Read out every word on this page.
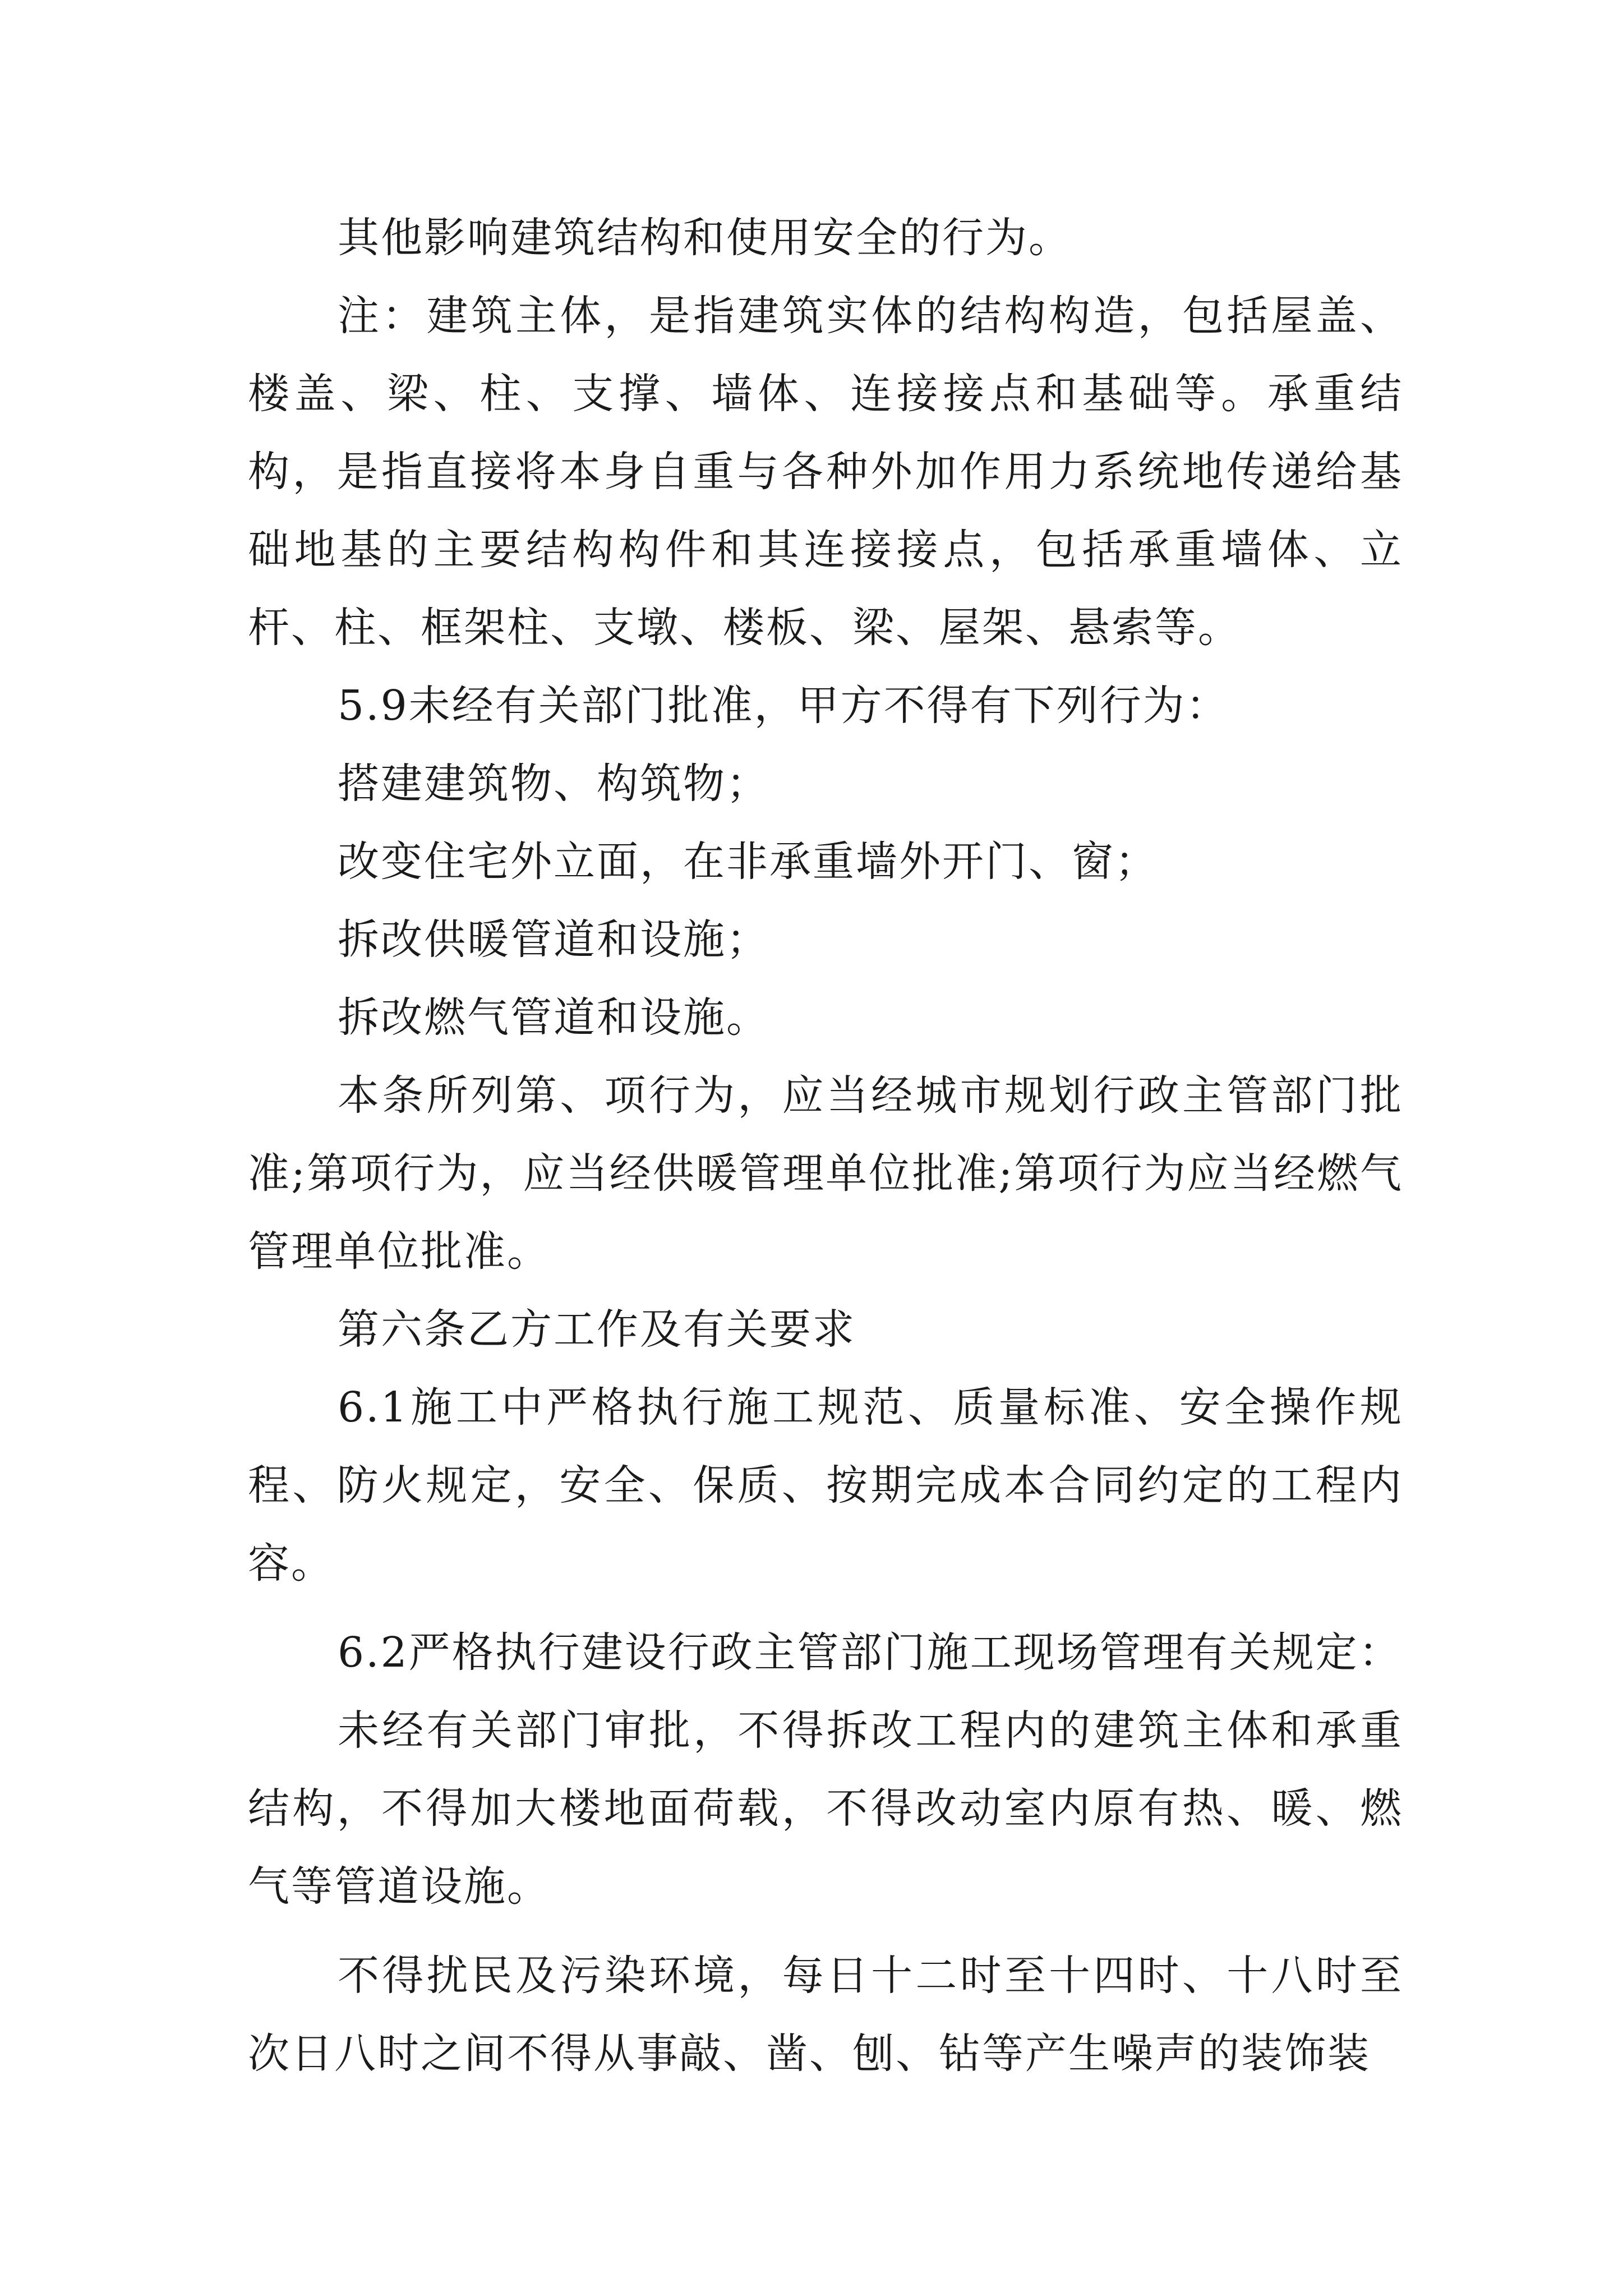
其他影响建筑结构和使用安全的行为。

注：建筑主体，是指建筑实体的结构构造，包括屋盖、楼盖、梁、柱、支撑、墙体、连接接点和基础等。承重结构，是指直接将本身自重与各种外加作用力系统地传递给基础地基的主要结构构件和其连接接点，包括承重墙体、立杆、柱、框架柱、支墩、楼板、梁、屋架、悬索等。

5.9未经有关部门批准，甲方不得有下列行为：

搭建建筑物、构筑物；

改变住宅外立面，在非承重墙外开门、窗；

拆改供暖管道和设施；

拆改燃气管道和设施。

本条所列第、项行为，应当经城市规划行政主管部门批准;第项行为，应当经供暖管理单位批准;第项行为应当经燃气管理单位批准。

第六条乙方工作及有关要求

6.1施工中严格执行施工规范、质量标准、安全操作规程、防火规定，安全、保质、按期完成本合同约定的工程内容。

6.2严格执行建设行政主管部门施工现场管理有关规定：

未经有关部门审批，不得拆改工程内的建筑主体和承重结构，不得加大楼地面荷载，不得改动室内原有热、暖、燃气等管道设施。

不得扰民及污染环境，每日十二时至十四时、十八时至次日八时之间不得从事敲、凿、刨、钻等产生噪声的装饰装
